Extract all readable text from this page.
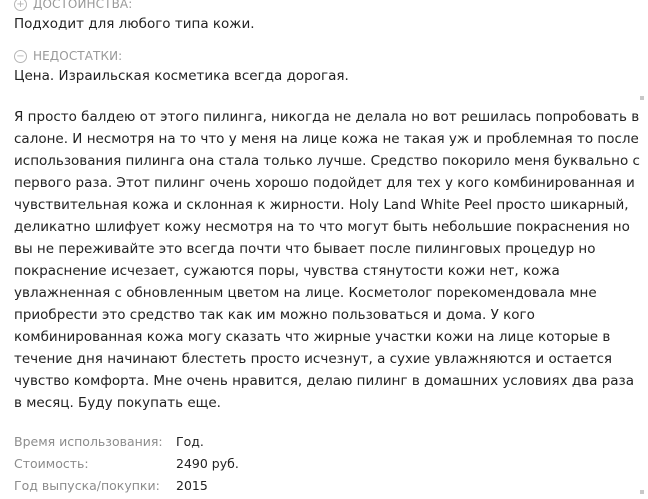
+ ДОСТОИНСТВА:
Подходит для любого типа кожи.
− НЕДОСТАТКИ:
Цена. Израильская косметика всегда дорогая.
Я просто балдею от этого пилинга, никогда не делала но вот решилась попробовать в
салоне. И несмотря на то что у меня на лице кожа не такая уж и проблемная то после
использования пилинга она стала только лучше. Средство покорило меня буквально с
первого раза. Этот пилинг очень хорошо подойдет для тех у кого комбинированная и
чувствительная кожа и склонная к жирности. Holy Land White Peel просто шикарный,
деликатно шлифует кожу несмотря на то что могут быть небольшие покраснения но
вы не переживайте это всегда почти что бывает после пилинговых процедур но
покраснение исчезает, сужаются поры, чувства стянутости кожи нет, кожа
увлажненная с обновленным цветом на лице. Косметолог порекомендовала мне
приобрести это средство так как им можно пользоваться и дома. У кого
комбинированная кожа могу сказать что жирные участки кожи на лице которые в
течение дня начинают блестеть просто исчезнут, а сухие увлажняются и остается
чувство комфорта. Мне очень нравится, делаю пилинг в домашних условиях два раза
в месяц. Буду покупать еще.
Время использования:	Год.
Стоимость:	2490 руб.
Год выпуска/покупки:	2015
